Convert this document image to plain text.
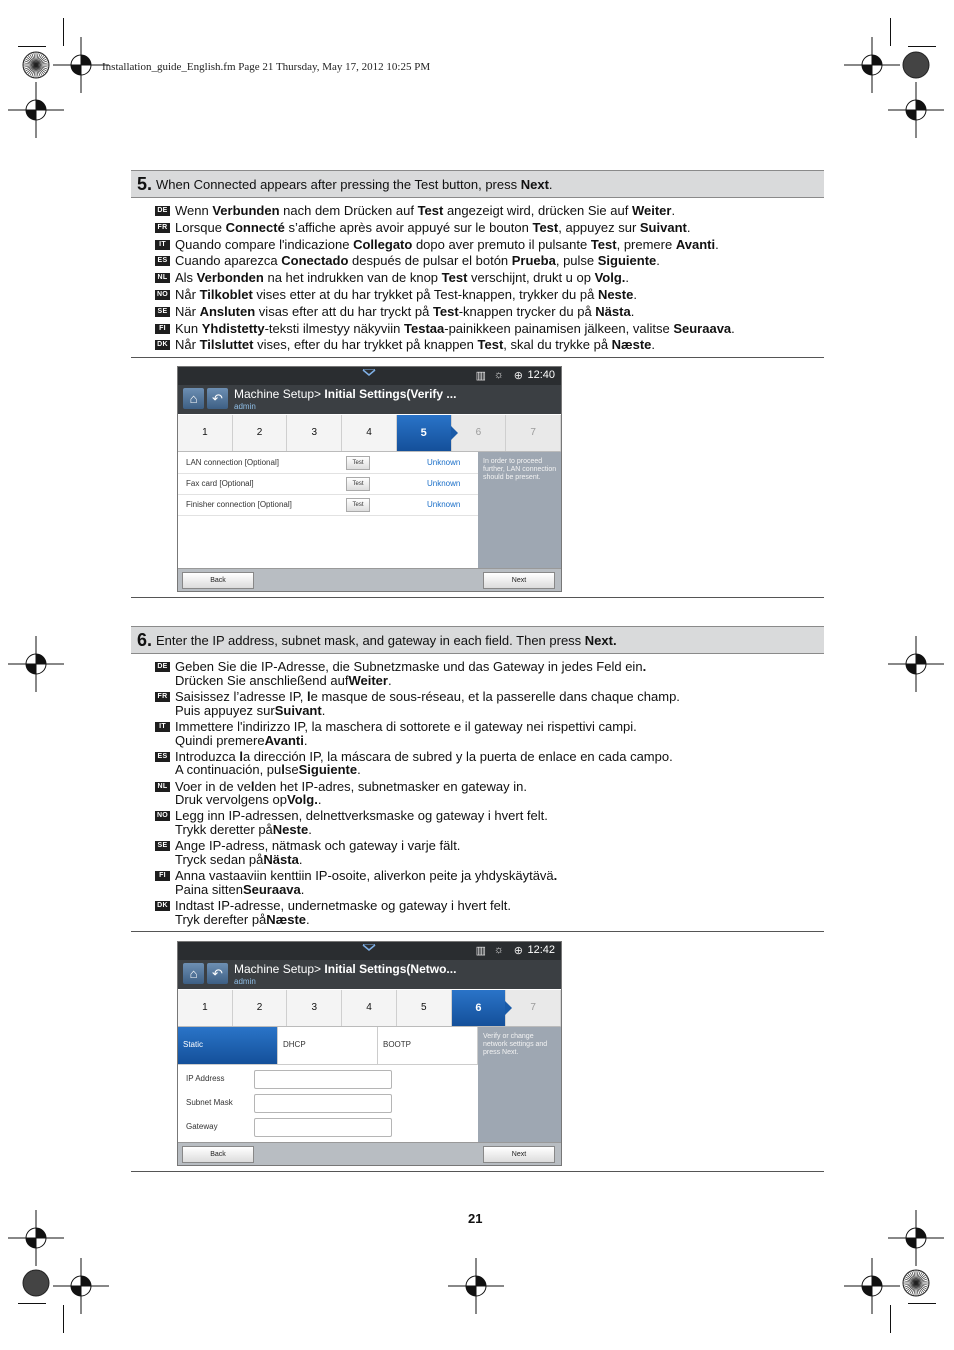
Installation_guide_English.fm Page 21 Thursday, May 17, 2012 10:25 PM
5. When Connected appears after pressing the Test button, press Next.
DE Wenn Verbunden nach dem Drücken auf Test angezeigt wird, drücken Sie auf Weiter.
FR Lorsque Connecté s’affiche après avoir appuyé sur le bouton Test, appuyez sur Suivant.
IT Quando compare l'indicazione Collegato dopo aver premuto il pulsante Test, premere Avanti.
ES Cuando aparezca Conectado después de pulsar el botón Prueba, pulse Siguiente.
NL Als Verbonden na het indrukken van de knop Test verschijnt, drukt u op Volg..
NO Når Tilkoblet vises etter at du har trykket på Test-knappen, trykker du på Neste.
SE När Ansluten visas efter att du har tryckt på Test-knappen trycker du på Nästa.
FI Kun Yhdistetty-teksti ilmestyy näkyviin Testaa-painikkeen painamisen jälkeen, valitse Seuraava.
DK Når Tilsluttet vises, efter du har trykket på knappen Test, skal du trykke på Næste.
▥ ☼ ⊕ 12:40
⌂	↶ Machine Setup> Initial Settings(Verify ...
admin
1	2	3	4	5	6	7
In order to proceed further, LAN connection should be present.
LAN connection [Optional]	Test	Unknown
Fax card [Optional]	Test	Unknown
Finisher connection [Optional]	Test	Unknown
Back	Next
6. Enter the IP address, subnet mask, and gateway in each field. Then press Next.
DE Geben Sie die IP-Adresse, die Subnetzmaske und das Gateway in jedes Feld ein.
Drücken Sie anschließend auf Weiter .
FR Saisissez l’adresse IP, le masque de sous-réseau, et la passerelle dans chaque champ.
Puis appuyez sur Suivant .
IT Immettere l'indirizzo IP, la maschera di sottorete e il gateway nei rispettivi campi.
Quindi premere Avanti .
ES Introduzca la dirección IP, la máscara de subred y la puerta de enlace en cada campo.
A continuación, pu l se Siguiente .
NL Voer in de velden het IP-adres, subnetmasker en gateway in.
Druk vervolgens op Volg. .
NO Legg inn IP-adressen, delnettverksmaske og gateway i hvert felt.
Trykk deretter på Neste .
SE Ange IP-adress, nätmask och gateway i varje fält.
Tryck sedan på Nästa .
FI Anna vastaaviin kenttiin IP-osoite, aliverkon peite ja yhdyskäytävä.
Paina sitten Seuraava .
DK Indtast IP-adresse, undernetmaske og gateway i hvert felt.
Tryk derefter på Næste .
▥ ☼ ⊕ 12:42
⌂	↶ Machine Setup> Initial Settings(Netwo...
admin
1	2	3	4	5	6	7
Verify or change network settings and press Next.
Static	DHCP	BOOTP
IP Address
Subnet Mask
Gateway
Back	Next
21
